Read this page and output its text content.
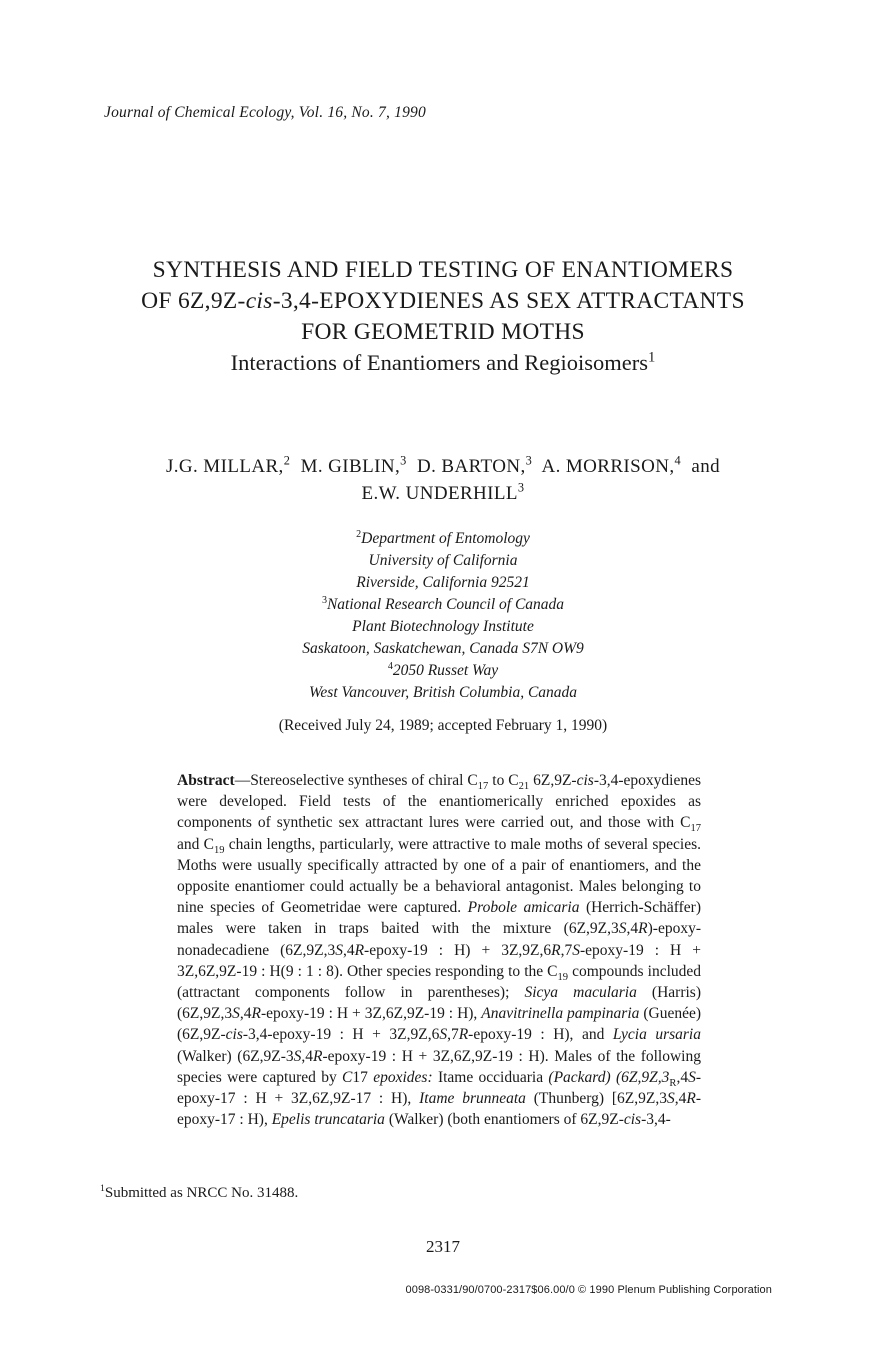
Journal of Chemical Ecology, Vol. 16, No. 7, 1990
SYNTHESIS AND FIELD TESTING OF ENANTIOMERS
OF 6Z,9Z-cis-3,4-EPOXYDIENES AS SEX ATTRACTANTS
FOR GEOMETRID MOTHS
Interactions of Enantiomers and Regioisomers$^1$
J.G. MILLAR,$^2$ M. GIBLIN,$^3$ D. BARTON,$^3$ A. MORRISON,$^4$ and
E.W. UNDERHILL$^3$
$^2$Department of Entomology
University of California
Riverside, California 92521
$^3$National Research Council of Canada
Plant Biotechnology Institute
Saskatoon, Saskatchewan, Canada S7N OW9
$^4$2050 Russet Way
West Vancouver, British Columbia, Canada
(Received July 24, 1989; accepted February 1, 1990)

Abstract—Stereoselective syntheses of chiral $C_{17}$ to $C_{21}$ 6Z,9Z-cis-3,4-epoxydienes were developed. Field tests of the enantiomerically enriched epoxides as components of synthetic sex attractant lures were carried out, and those with $C_{17}$ and $C_{19}$ chain lengths, particularly, were attractive to male moths of several species. Moths were usually specifically attracted by one of a pair of enantiomers, and the opposite enantiomer could actually be a behavioral antagonist. Males belonging to nine species of Geometridae were captured. Probole amicaria (Herrich-Schäffer) males were taken in traps baited with the mixture (6Z,9Z,3S,4R)-epoxy-nonadecadiene (6Z,9Z,3S,4R-epoxy-19 : H) + 3Z,9Z,6R,7S-epoxy-19 : H + 3Z,6Z,9Z-19 : H(9 : 1 : 8). Other species responding to the $C_{19}$ compounds included (attractant components follow in parentheses); Sicya macularia (Harris) (6Z,9Z,3S,4R-epoxy-19 : H + 3Z,6Z,9Z-19 : H), Anavitrinella pampinaria (Guenée) (6Z,9Z-cis-3,4-epoxy-19 : H + 3Z,9Z,6S,7R-epoxy-19 : H), and Lycia ursaria (Walker) (6Z,9Z-3S,4R-epoxy-19 : H + 3Z,6Z,9Z-19 : H). Males of the following species were captured by C17 epoxides: Itame occiduaria (Packard) ($6Z,9Z,3_R,4S-epoxy-17$ : H + 3Z,6Z,9Z-17 : H), Itame brunneata (Thunberg) [6Z,9Z,3S,4R-epoxy-17 : H), Epelis truncataria (Walker) (both enantiomers of 6Z,9Z-cis-3,4-

$^1$Submitted as NRCC No. 31488.
2317
0098-0331/90/0700-2317$06.00/0 © 1990 Plenum Publishing Corporation
